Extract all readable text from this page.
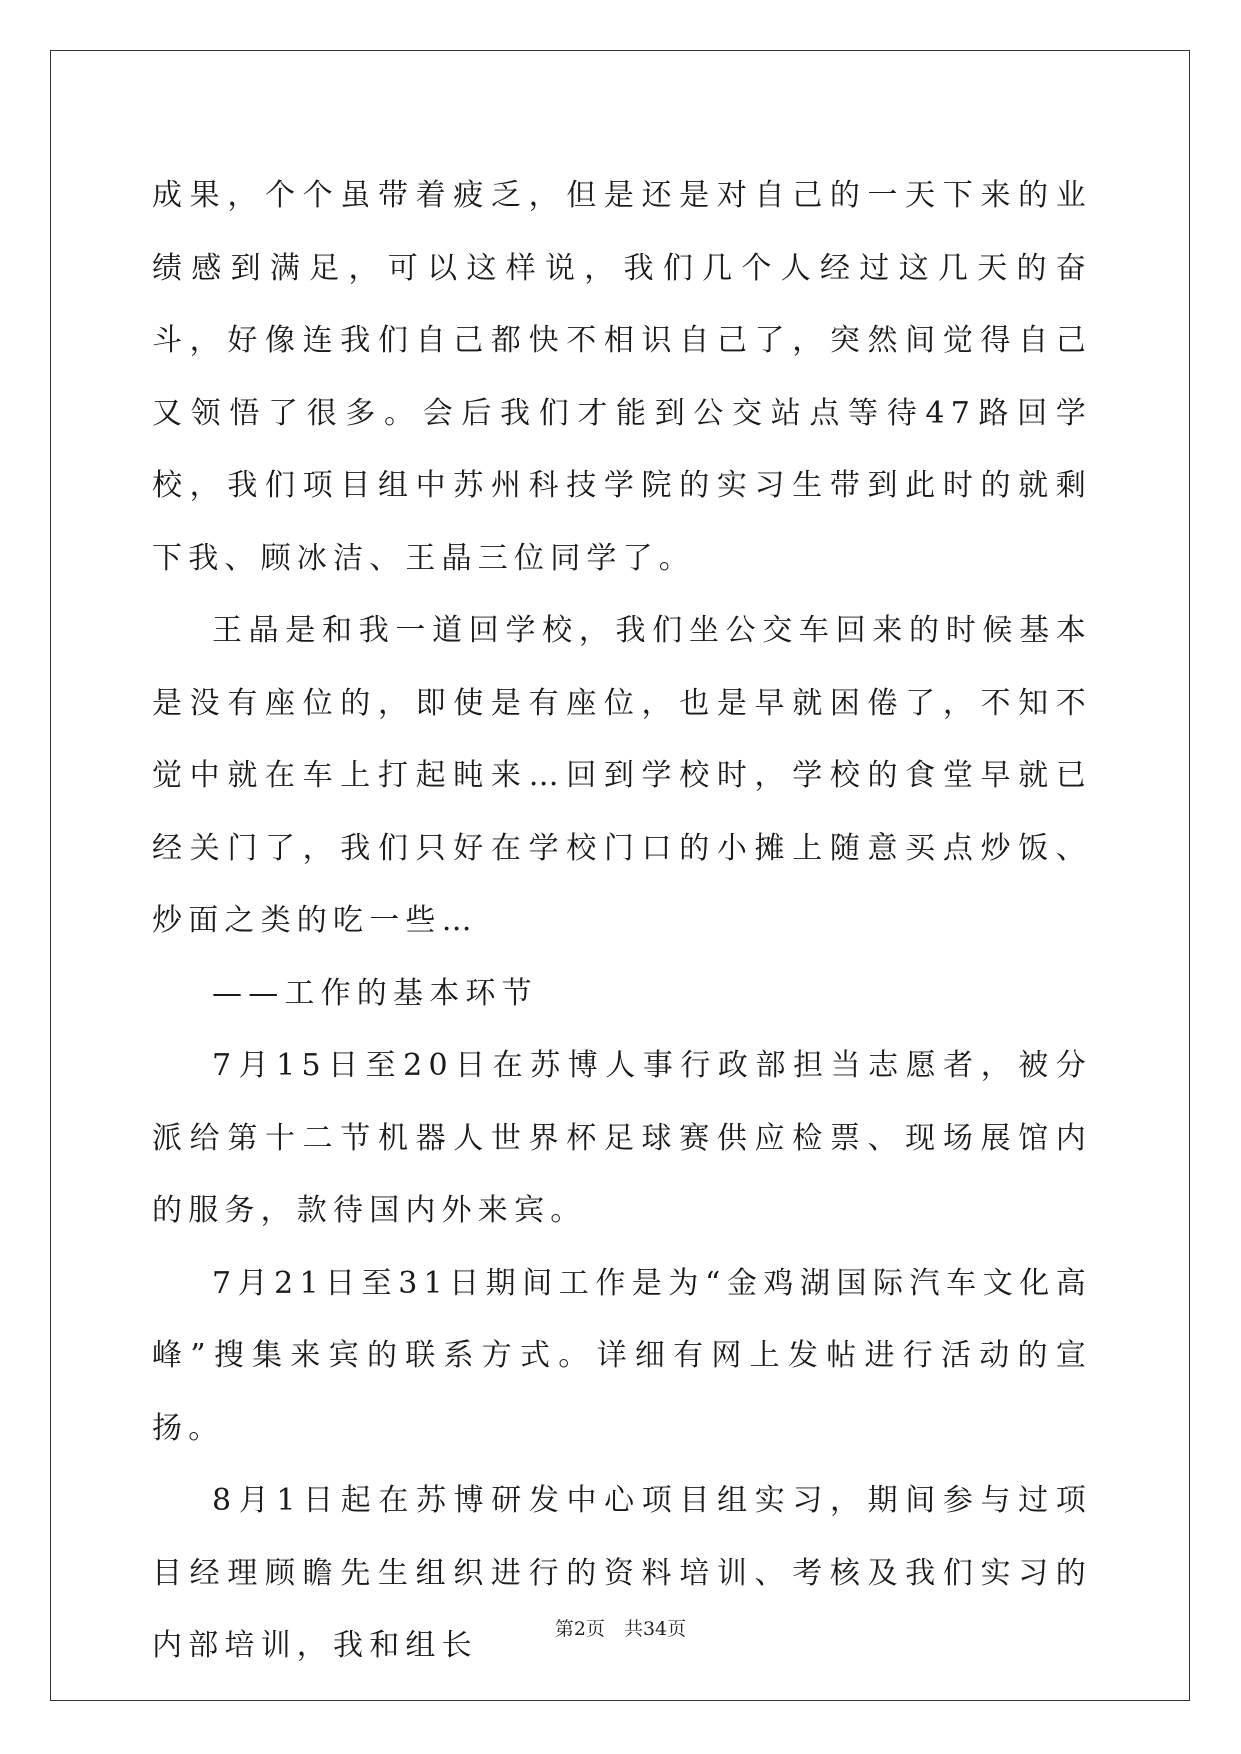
成果，个个虽带着疲乏，但是还是对自己的一天下来的业绩感到满足，可以这样说，我们几个人经过这几天的奋斗，好像连我们自己都快不相识自己了，突然间觉得自己又领悟了很多。会后我们才能到公交站点等待47路回学校，我们项目组中苏州科技学院的实习生带到此时的就剩下我、顾冰洁、王晶三位同学了。

王晶是和我一道回学校，我们坐公交车回来的时候基本是没有座位的，即使是有座位，也是早就困倦了，不知不觉中就在车上打起盹来…回到学校时，学校的食堂早就已经关门了，我们只好在学校门口的小摊上随意买点炒饭、炒面之类的吃一些…

——工作的基本环节

7月15日至20日在苏博人事行政部担当志愿者，被分派给第十二节机器人世界杯足球赛供应检票、现场展馆内的服务，款待国内外来宾。

7月21日至31日期间工作是为“金鸡湖国际汽车文化高峰”搜集来宾的联系方式。详细有网上发帖进行活动的宣扬。

8月1日起在苏博研发中心项目组实习，期间参与过项目经理顾瞻先生组织进行的资料培训、考核及我们实习的内部培训，我和组长	第2页　共34页
